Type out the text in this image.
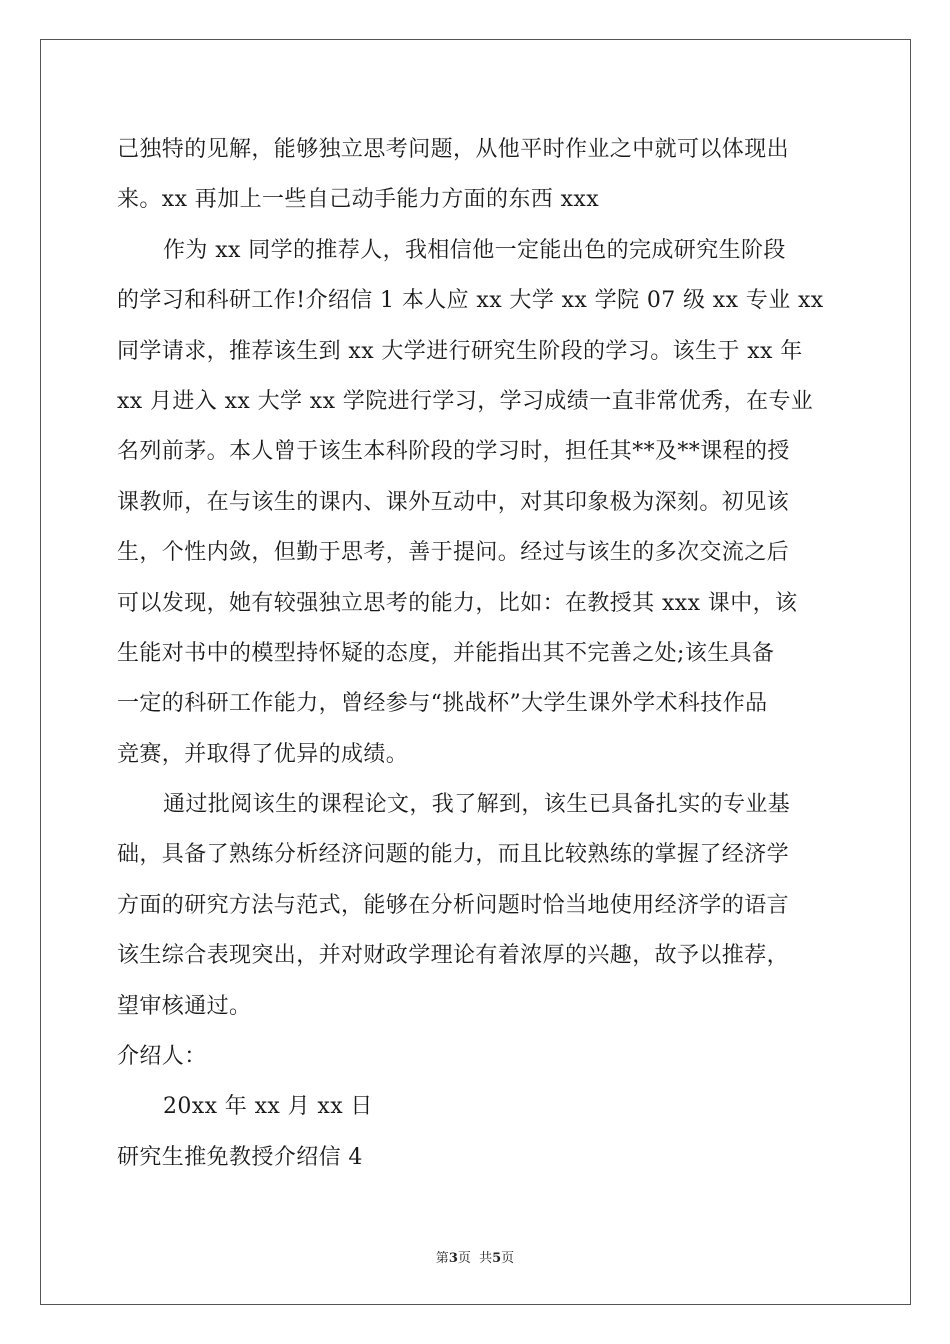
己独特的见解，能够独立思考问题，从他平时作业之中就可以体现出
来。xx 再加上一些自己动手能力方面的东西 xxx
作为 xx 同学的推荐人，我相信他一定能出色的完成研究生阶段
的学习和科研工作!介绍信 1 本人应 xx 大学 xx 学院 07 级 xx 专业 xx
同学请求，推荐该生到 xx 大学进行研究生阶段的学习。该生于 xx 年
xx 月进入 xx 大学 xx 学院进行学习，学习成绩一直非常优秀，在专业
名列前茅。本人曾于该生本科阶段的学习时，担任其**及**课程的授
课教师，在与该生的课内、课外互动中，对其印象极为深刻。初见该
生，个性内敛，但勤于思考，善于提问。经过与该生的多次交流之后
可以发现，她有较强独立思考的能力，比如：在教授其 xxx 课中，该
生能对书中的模型持怀疑的态度，并能指出其不完善之处;该生具备
一定的科研工作能力，曾经参与“挑战杯”大学生课外学术科技作品
竞赛，并取得了优异的成绩。
通过批阅该生的课程论文，我了解到，该生已具备扎实的专业基
础，具备了熟练分析经济问题的能力，而且比较熟练的掌握了经济学
方面的研究方法与范式，能够在分析问题时恰当地使用经济学的语言
该生综合表现突出，并对财政学理论有着浓厚的兴趣，故予以推荐，
望审核通过。
介绍人：
20xx 年 xx 月 xx 日
研究生推免教授介绍信 4
第3页  共5页
